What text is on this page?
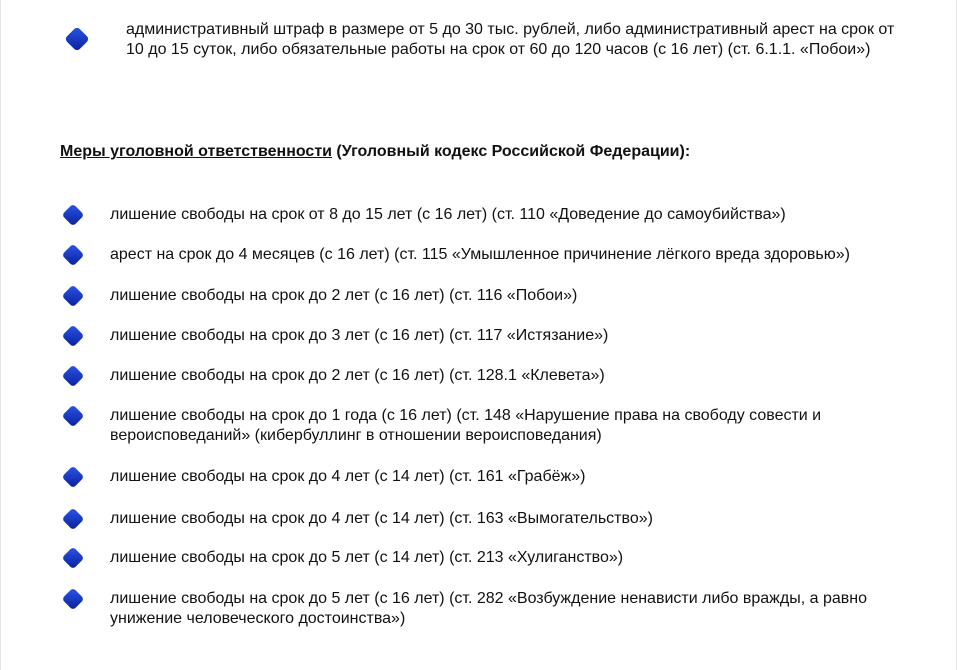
административный штраф в размере от 5 до 30 тыс. рублей, либо административный арест на срок от 10 до 15 суток, либо обязательные работы на срок от 60 до 120 часов (с 16 лет) (ст. 6.1.1. «Побои»)
Меры уголовной ответственности (Уголовный кодекс Российской Федерации):
лишение свободы на срок от 8 до 15 лет (с 16 лет) (ст. 110 «Доведение до самоубийства»)
арест на срок до 4 месяцев (с 16 лет) (ст. 115 «Умышленное причинение лёгкого вреда здоровью»)
лишение свободы на срок до 2 лет (с 16 лет) (ст. 116 «Побои»)
лишение свободы на срок до 3 лет (с 16 лет) (ст. 117 «Истязание»)
лишение свободы на срок до 2 лет (с 16 лет) (ст. 128.1 «Клевета»)
лишение свободы на срок до 1 года (с 16 лет) (ст. 148 «Нарушение права на свободу совести и вероисповеданий» (кибербуллинг в отношении вероисповедания)
лишение свободы на срок до 4 лет (с 14 лет) (ст. 161 «Грабёж»)
лишение свободы на срок до 4 лет (с 14 лет) (ст. 163 «Вымогательство»)
лишение свободы на срок до 5 лет (с 14 лет) (ст. 213 «Хулиганство»)
лишение свободы на срок до 5 лет (с 16 лет) (ст. 282 «Возбуждение ненависти либо вражды, а равно унижение человеческого достоинства»)
